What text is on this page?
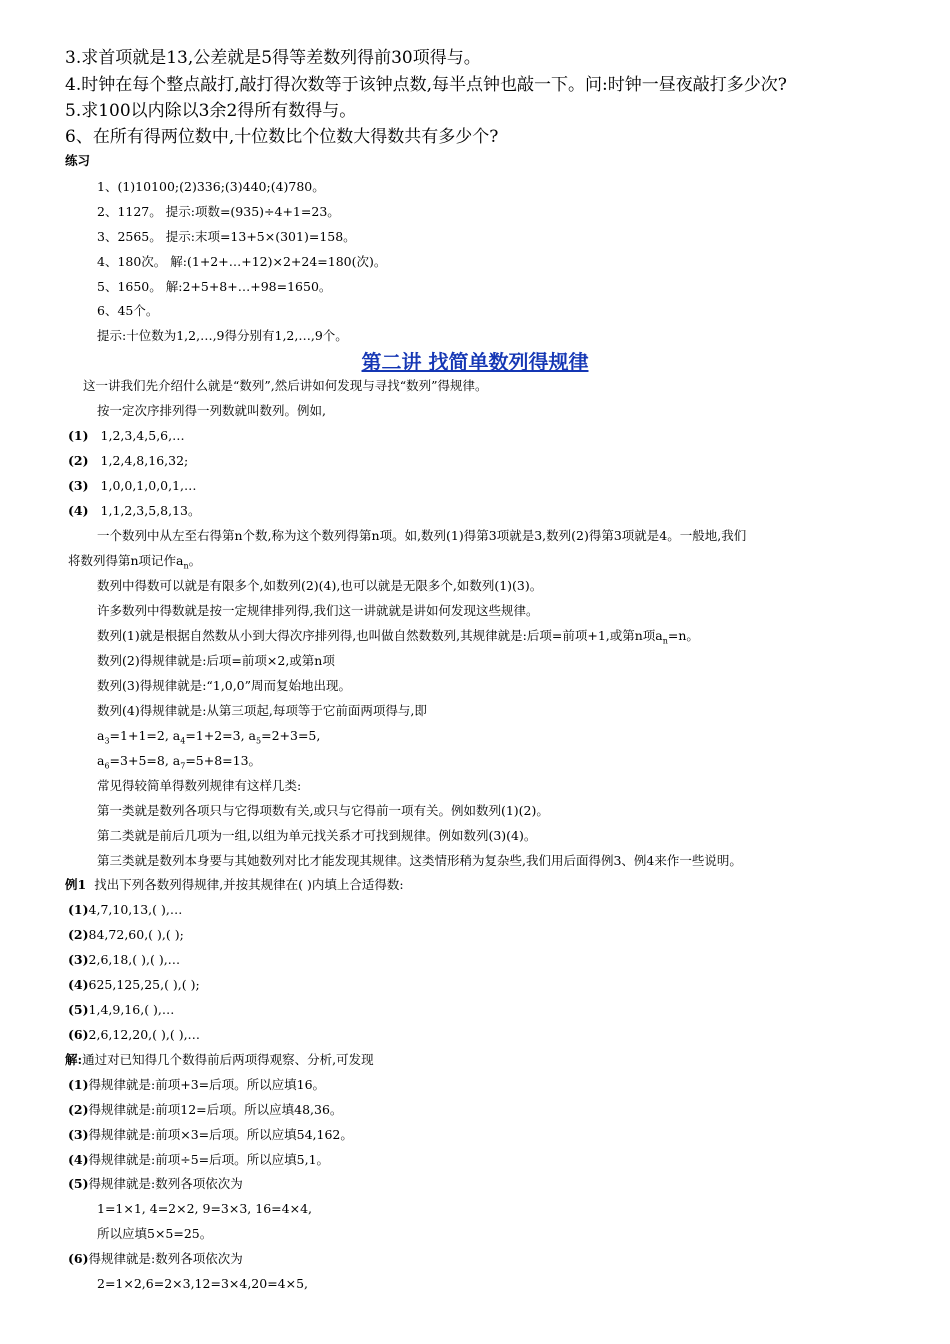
3.求首项就是13,公差就是5得等差数列得前30项得与。
4.时钟在每个整点敲打,敲打得次数等于该钟点数,每半点钟也敲一下。问:时钟一昼夜敲打多少次?
5.求100以内除以3余2得所有数得与。
6、在所有得两位数中,十位数比个位数大得数共有多少个?
练习
1、(1)10100;(2)336;(3)440;(4)780。
2、1127。 提示:项数=(935)÷4+1=23。
3、2565。 提示:末项=13+5×(301)=158。
4、180次。 解:(1+2+…+12)×2+24=180(次)。
5、1650。 解:2+5+8+…+98=1650。
6、45个。
提示:十位数为1,2,…,9得分别有1,2,…,9个。
第二讲 找简单数列得规律
这一讲我们先介绍什么就是“数列”,然后讲如何发现与寻找“数列”得规律。
按一定次序排列得一列数就叫数列。例如,
(1) 1,2,3,4,5,6,…
(2) 1,2,4,8,16,32;
(3) 1,0,0,1,0,0,1,…
(4) 1,1,2,3,5,8,13。
一个数列中从左至右得第n个数,称为这个数列得第n项。如,数列(1)得第3项就是3,数列(2)得第3项就是4。一般地,我们
将数列得第n项记作$a_n$。
数列中得数可以就是有限多个,如数列(2)(4),也可以就是无限多个,如数列(1)(3)。
许多数列中得数就是按一定规律排列得,我们这一讲就就是讲如何发现这些规律。
数列(1)就是根据自然数从小到大得次序排列得,也叫做自然数数列,其规律就是:后项=前项+1,或第n项$a_n=n$。
数列(2)得规律就是:后项=前项×2,或第n项
数列(3)得规律就是:“1,0,0”周而复始地出现。
数列(4)得规律就是:从第三项起,每项等于它前面两项得与,即
$a_3=1+1=2$, $a_4=1+2=3$, $a_5=2+3=5$,
$a_6=3+5=8$, $a_7=5+8=13$。
常见得较简单得数列规律有这样几类:
第一类就是数列各项只与它得项数有关,或只与它得前一项有关。例如数列(1)(2)。
第二类就是前后几项为一组,以组为单元找关系才可找到规律。例如数列(3)(4)。
第三类就是数列本身要与其她数列对比才能发现其规律。这类情形稍为复杂些,我们用后面得例3、例4来作一些说明。
例1 找出下列各数列得规律,并按其规律在( )内填上合适得数:
(1)4,7,10,13,( ),…
(2)84,72,60,( ),( );
(3)2,6,18,( ),( ),…
(4)625,125,25,( ),( );
(5)1,4,9,16,( ),…
(6)2,6,12,20,( ),( ),…
解:通过对已知得几个数得前后两项得观察、分析,可发现
(1)得规律就是:前项+3=后项。所以应填16。
(2)得规律就是:前项12=后项。所以应填48,36。
(3)得规律就是:前项×3=后项。所以应填54,162。
(4)得规律就是:前项÷5=后项。所以应填5,1。
(5)得规律就是:数列各项依次为
1=1×1, 4=2×2, 9=3×3, 16=4×4,
所以应填5×5=25。
(6)得规律就是:数列各项依次为
2=1×2,6=2×3,12=3×4,20=4×5,
